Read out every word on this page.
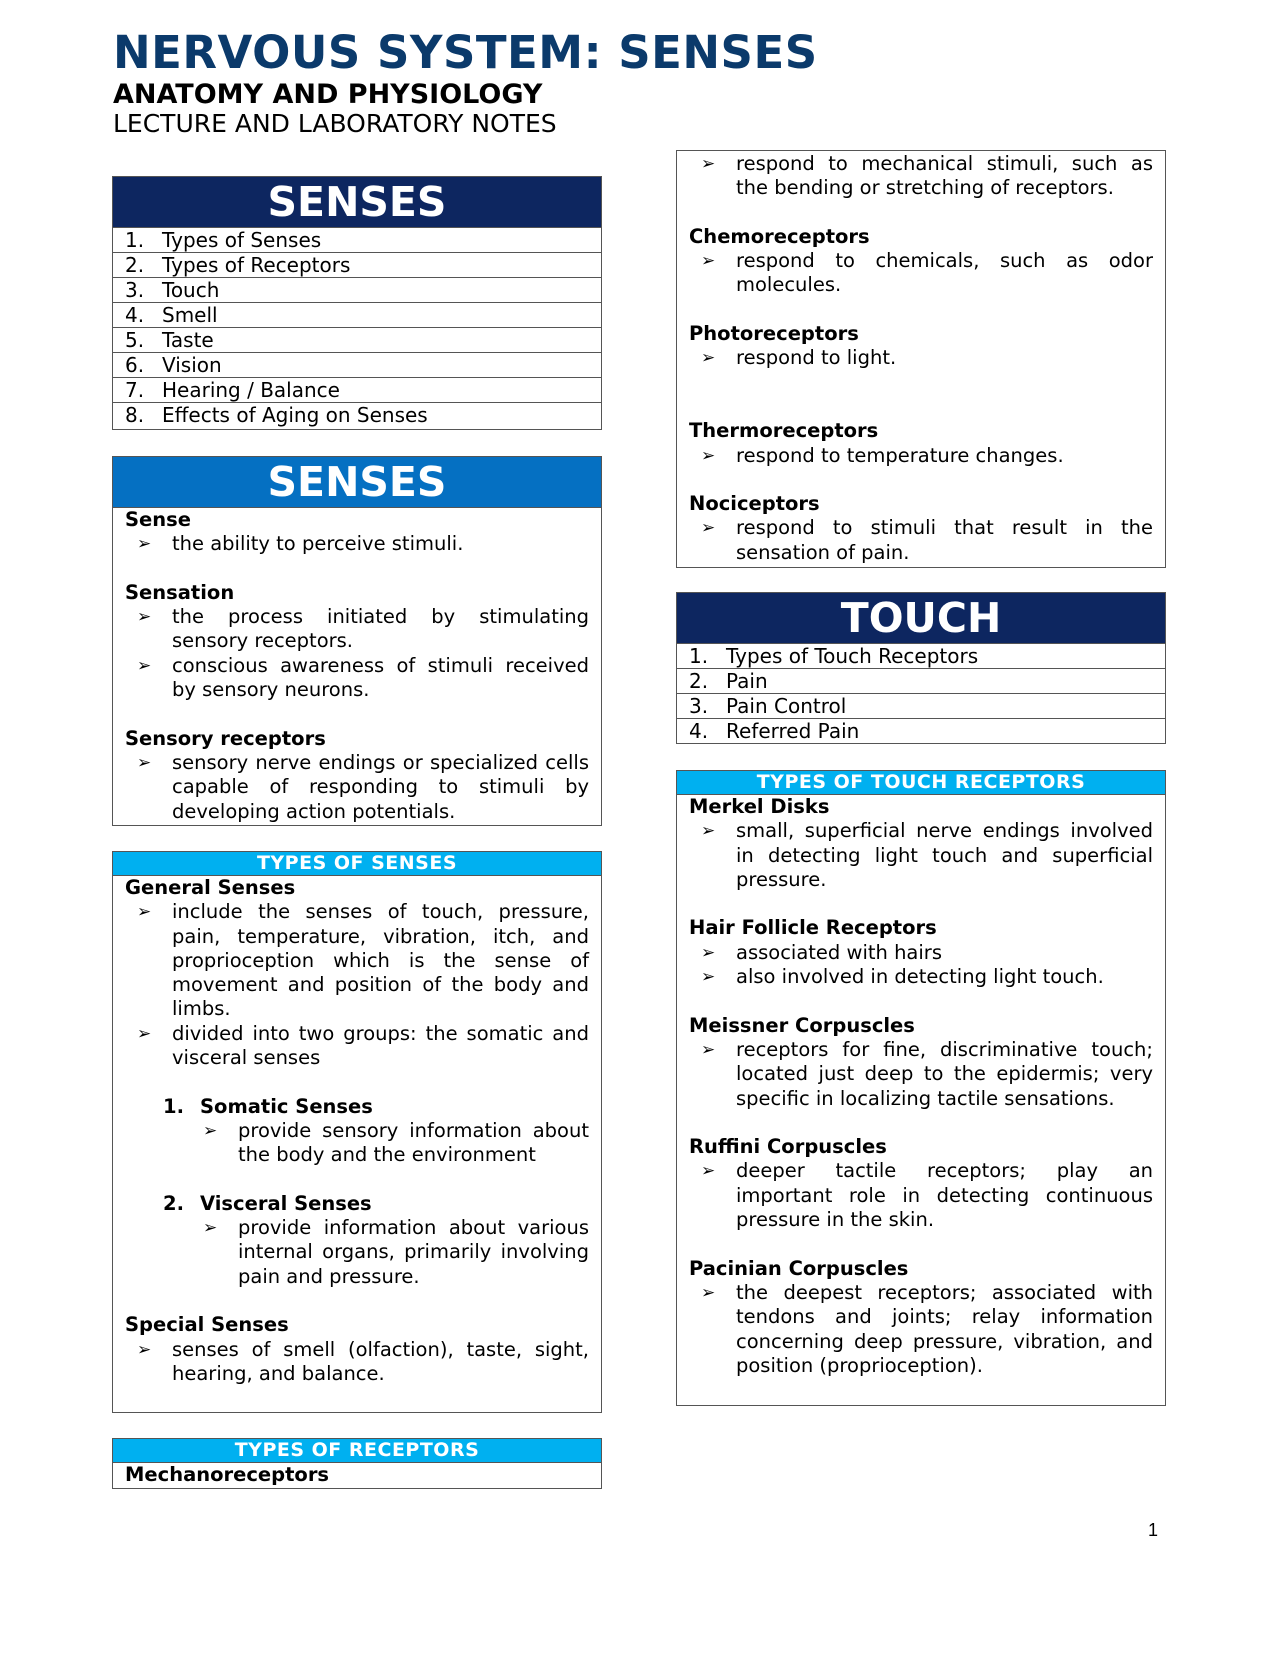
NERVOUS SYSTEM: SENSES
ANATOMY AND PHYSIOLOGY
LECTURE AND LABORATORY NOTES
SENSES
1. Types of Senses
2. Types of Receptors
3. Touch
4. Smell
5. Taste
6. Vision
7. Hearing / Balance
8. Effects of Aging on Senses
SENSES
Sense
➢ the ability to perceive stimuli.
Sensation
➢ the process initiated by stimulating sensory receptors.
➢ conscious awareness of stimuli received by sensory neurons.
Sensory receptors
➢ sensory nerve endings or specialized cells capable of responding to stimuli by developing action potentials.
TYPES OF SENSES
General Senses
➢ include the senses of touch, pressure, pain, temperature, vibration, itch, and proprioception which is the sense of movement and position of the body and limbs.
➢ divided into two groups: the somatic and visceral senses
1. Somatic Senses
➢ provide sensory information about the body and the environment
2. Visceral Senses
➢ provide information about various internal organs, primarily involving pain and pressure.
Special Senses
➢ senses of smell (olfaction), taste, sight, hearing, and balance.
TYPES OF RECEPTORS
Mechanoreceptors
➢ respond to mechanical stimuli, such as the bending or stretching of receptors.
Chemoreceptors
➢ respond to chemicals, such as odor molecules.
Photoreceptors
➢ respond to light.
Thermoreceptors
➢ respond to temperature changes.
Nociceptors
➢ respond to stimuli that result in the sensation of pain.
TOUCH
1. Types of Touch Receptors
2. Pain
3. Pain Control
4. Referred Pain
TYPES OF TOUCH RECEPTORS
Merkel Disks
➢ small, superficial nerve endings involved in detecting light touch and superficial pressure.
Hair Follicle Receptors
➢ associated with hairs
➢ also involved in detecting light touch.
Meissner Corpuscles
➢ receptors for fine, discriminative touch; located just deep to the epidermis; very specific in localizing tactile sensations.
Ruffini Corpuscles
➢ deeper tactile receptors; play an important role in detecting continuous pressure in the skin.
Pacinian Corpuscles
➢ the deepest receptors; associated with tendons and joints; relay information concerning deep pressure, vibration, and position (proprioception).
1
